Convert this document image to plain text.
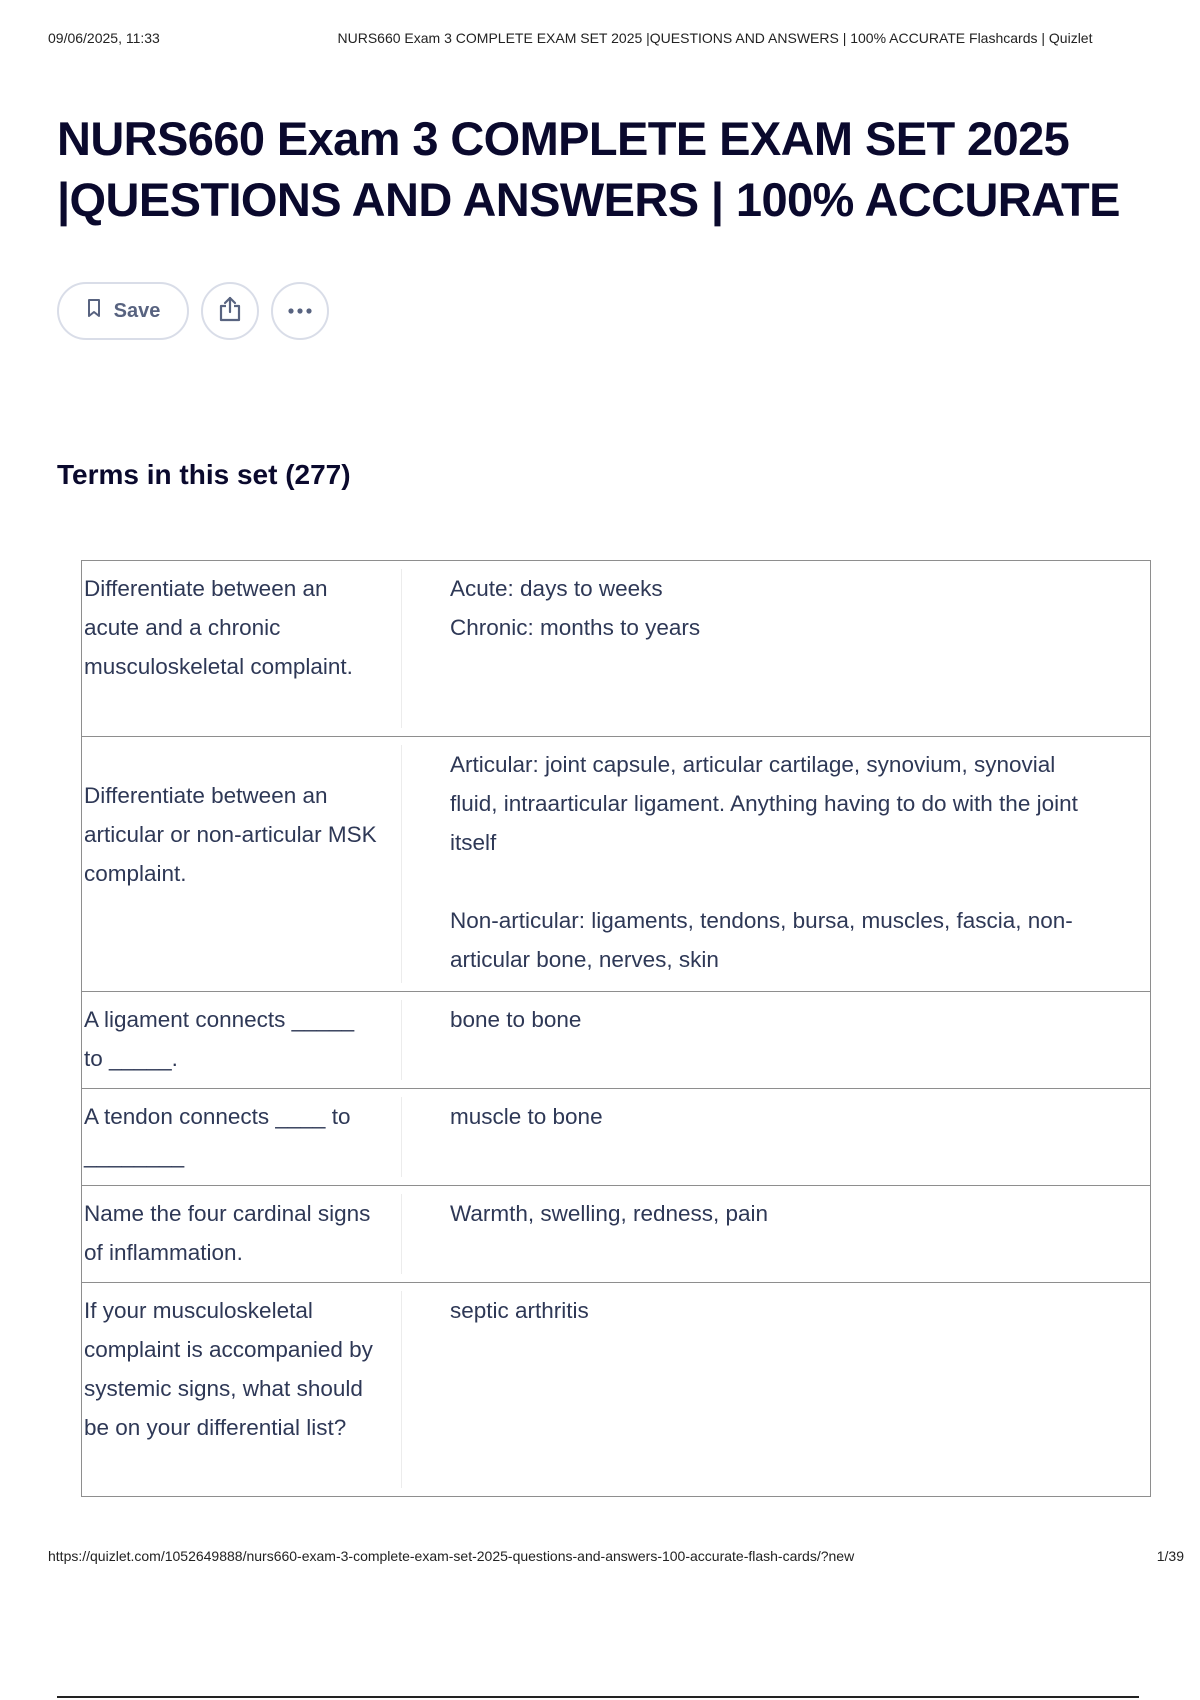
09/06/2025, 11:33	NURS660 Exam 3 COMPLETE EXAM SET 2025 |QUESTIONS AND ANSWERS | 100% ACCURATE Flashcards | Quizlet
NURS660 Exam 3 COMPLETE EXAM SET 2025 |QUESTIONS AND ANSWERS | 100% ACCURATE
Save
Terms in this set (277)
Differentiate between an acute and a chronic musculoskeletal complaint.
Acute: days to weeks
Chronic: months to years
Differentiate between an articular or non-articular MSK complaint.
Articular: joint capsule, articular cartilage, synovium, synovial fluid, intraarticular ligament. Anything having to do with the joint itself

Non-articular: ligaments, tendons, bursa, muscles, fascia, non-articular bone, nerves, skin
A ligament connects _____ to _____.
bone to bone
A tendon connects ____ to ________
muscle to bone
Name the four cardinal signs of inflammation.
Warmth, swelling, redness, pain
If your musculoskeletal complaint is accompanied by systemic signs, what should be on your differential list?
septic arthritis
https://quizlet.com/1052649888/nurs660-exam-3-complete-exam-set-2025-questions-and-answers-100-accurate-flash-cards/?new	1/39
